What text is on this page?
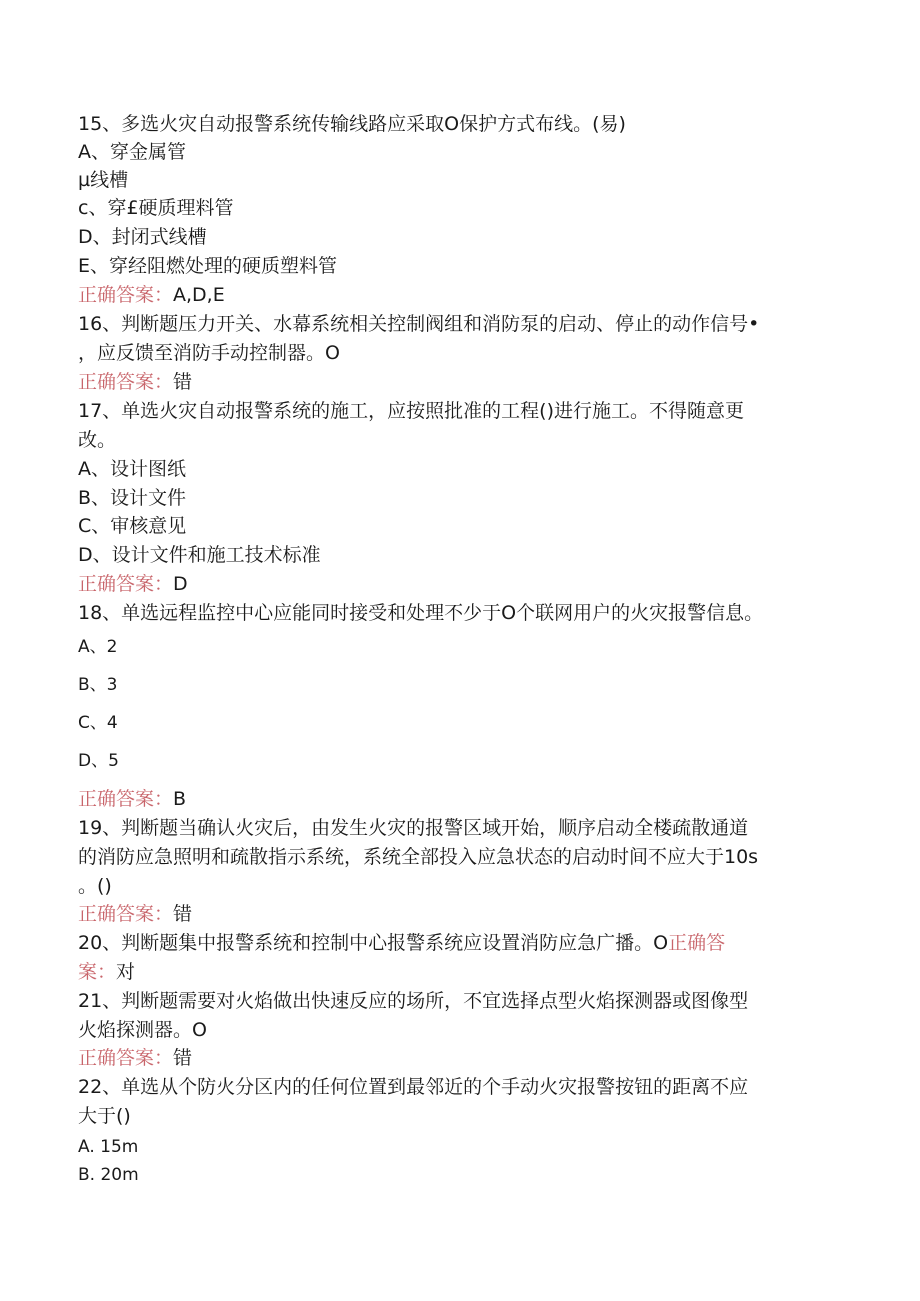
15、多选火灾自动报警系统传输线路应采取O保护方式布线。(易)
A、穿金属管
µ线槽
c、穿£硬质理料管
D、封闭式线槽
E、穿经阻燃处理的硬质塑料管
正确答案：A,D,E
16、判断题压力开关、水幕系统相关控制阀组和消防泵的启动、停止的动作信号•
，应反馈至消防手动控制器。O
正确答案：错
17、单选火灾自动报警系统的施工，应按照批准的工程()进行施工。不得随意更
改。
A、设计图纸
B、设计文件
C、审核意见
D、设计文件和施工技术标准
正确答案：D
18、单选远程监控中心应能同时接受和处理不少于O个联网用户的火灾报警信息。
A、2
B、3
C、4
D、5
正确答案：B
19、判断题当确认火灾后，由发生火灾的报警区域开始，顺序启动全楼疏散通道
的消防应急照明和疏散指示系统，系统全部投入应急状态的启动时间不应大于10s
。()
正确答案：错
20、判断题集中报警系统和控制中心报警系统应设置消防应急广播。O正确答
案：对
21、判断题需要对火焰做出快速反应的场所，不宜选择点型火焰探测器或图像型
火焰探测器。O
正确答案：错
22、单选从个防火分区内的任何位置到最邻近的个手动火灾报警按钮的距离不应
大于()
A. 15m
B. 20m
